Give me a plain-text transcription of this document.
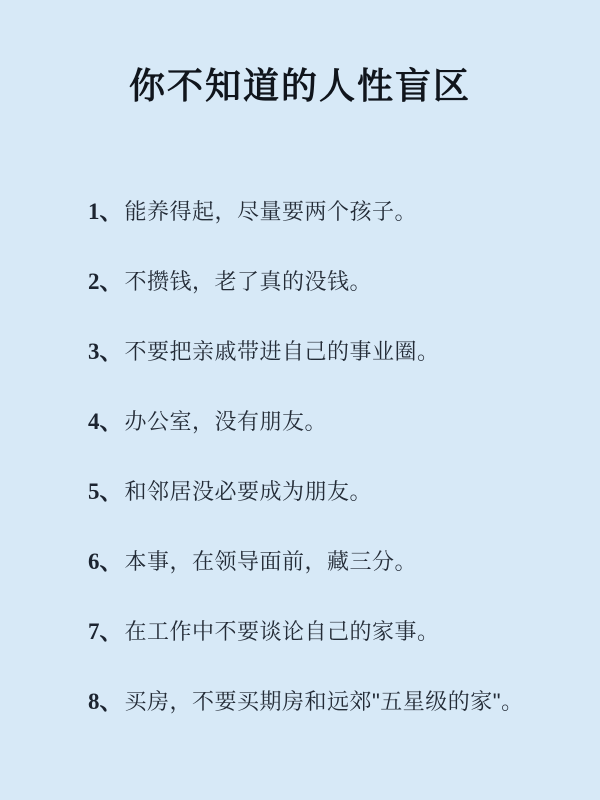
你不知道的人性盲区
1、 能养得起，尽量要两个孩子。
2、 不攒钱，老了真的没钱。
3、 不要把亲戚带进自己的事业圈。
4、 办公室，没有朋友。
5、 和邻居没必要成为朋友。
6、 本事，在领导面前，藏三分。
7、 在工作中不要谈论自己的家事。
8、 买房，不要买期房和远郊"五星级的家"。
